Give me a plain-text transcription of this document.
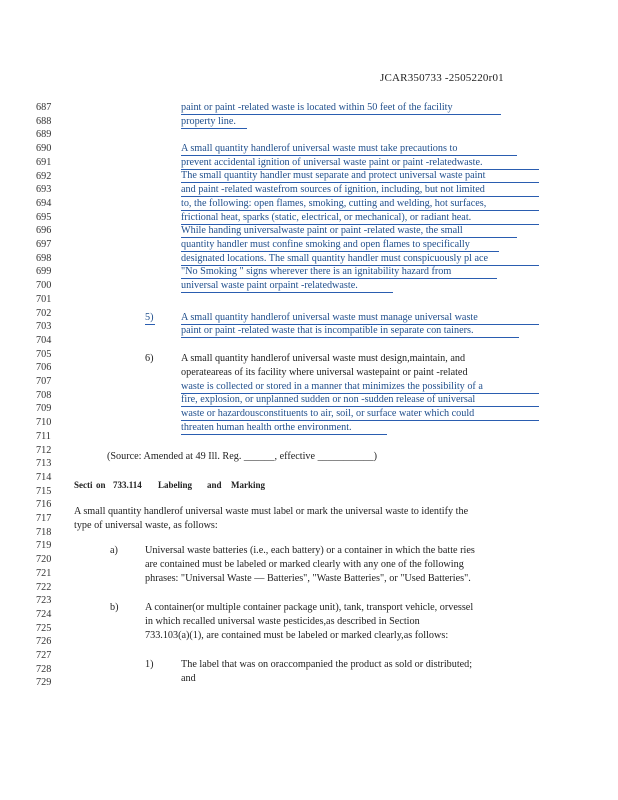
JCAR350733 -2505220r01
687
688
689
690
691
692
693
694
695
696
697
698
699
700
701
702
703
704
705
706
707
708
709
710
711
712
713
714
715
716
717
718
719
720
721
722
723
724
725
726
727
728
729
paint or paint -related waste is located within 50 feet of the facility
property line.
A small quantity handlerof universal waste must take precautions to
prevent accidental ignition of universal waste paint or paint -relatedwaste.
The small quantity handler must separate and protect universal waste paint
and paint -related wastefrom sources of ignition, including, but not limited
to, the following: open flames, smoking, cutting and welding, hot surfaces,
frictional heat, sparks (static, electrical, or mechanical), or radiant heat.
While handing universalwaste paint or paint -related waste, the small
quantity handler must confine smoking and open flames to specifically
designated locations. The small quantity handler must conspicuously pl ace
"No Smoking " signs wherever there is an ignitability hazard from
universal waste paint orpaint -relatedwaste.
5)	A small quantity handlerof universal waste must manage universal waste
paint or paint -related waste that is incompatible in separate con tainers.
6)	A small quantity handlerof universal waste must design,maintain, and
operateareas of its facility where universal wastepaint or paint -related
waste is collected or stored in a manner that minimizes the possibility of a
fire, explosion, or unplanned sudden or non -sudden release of universal
waste or hazardousconstituents to air, soil, or surface water which could
threaten human health orthe environment.
(Source: Amended at 49 Ill. Reg. ______, effective ___________)
Secti on 733.114 Labeling and Marking
A small quantity handlerof universal waste must label or mark the universal waste to identify the
type of universal waste, as follows:
a)	Universal waste batteries (i.e., each battery) or a container in which the batte ries
are contained must be labeled or marked clearly with any one of the following
phrases: "Universal Waste — Batteries", "Waste Batteries", or "Used Batteries".
b)	A container(or multiple container package unit), tank, transport vehicle, orvessel
in which recalled universal waste pesticides,as described in Section
733.103(a)(1), are contained must be labeled or marked clearly,as follows:
1)	The label that was on oraccompanied the product as sold or distributed;
and
